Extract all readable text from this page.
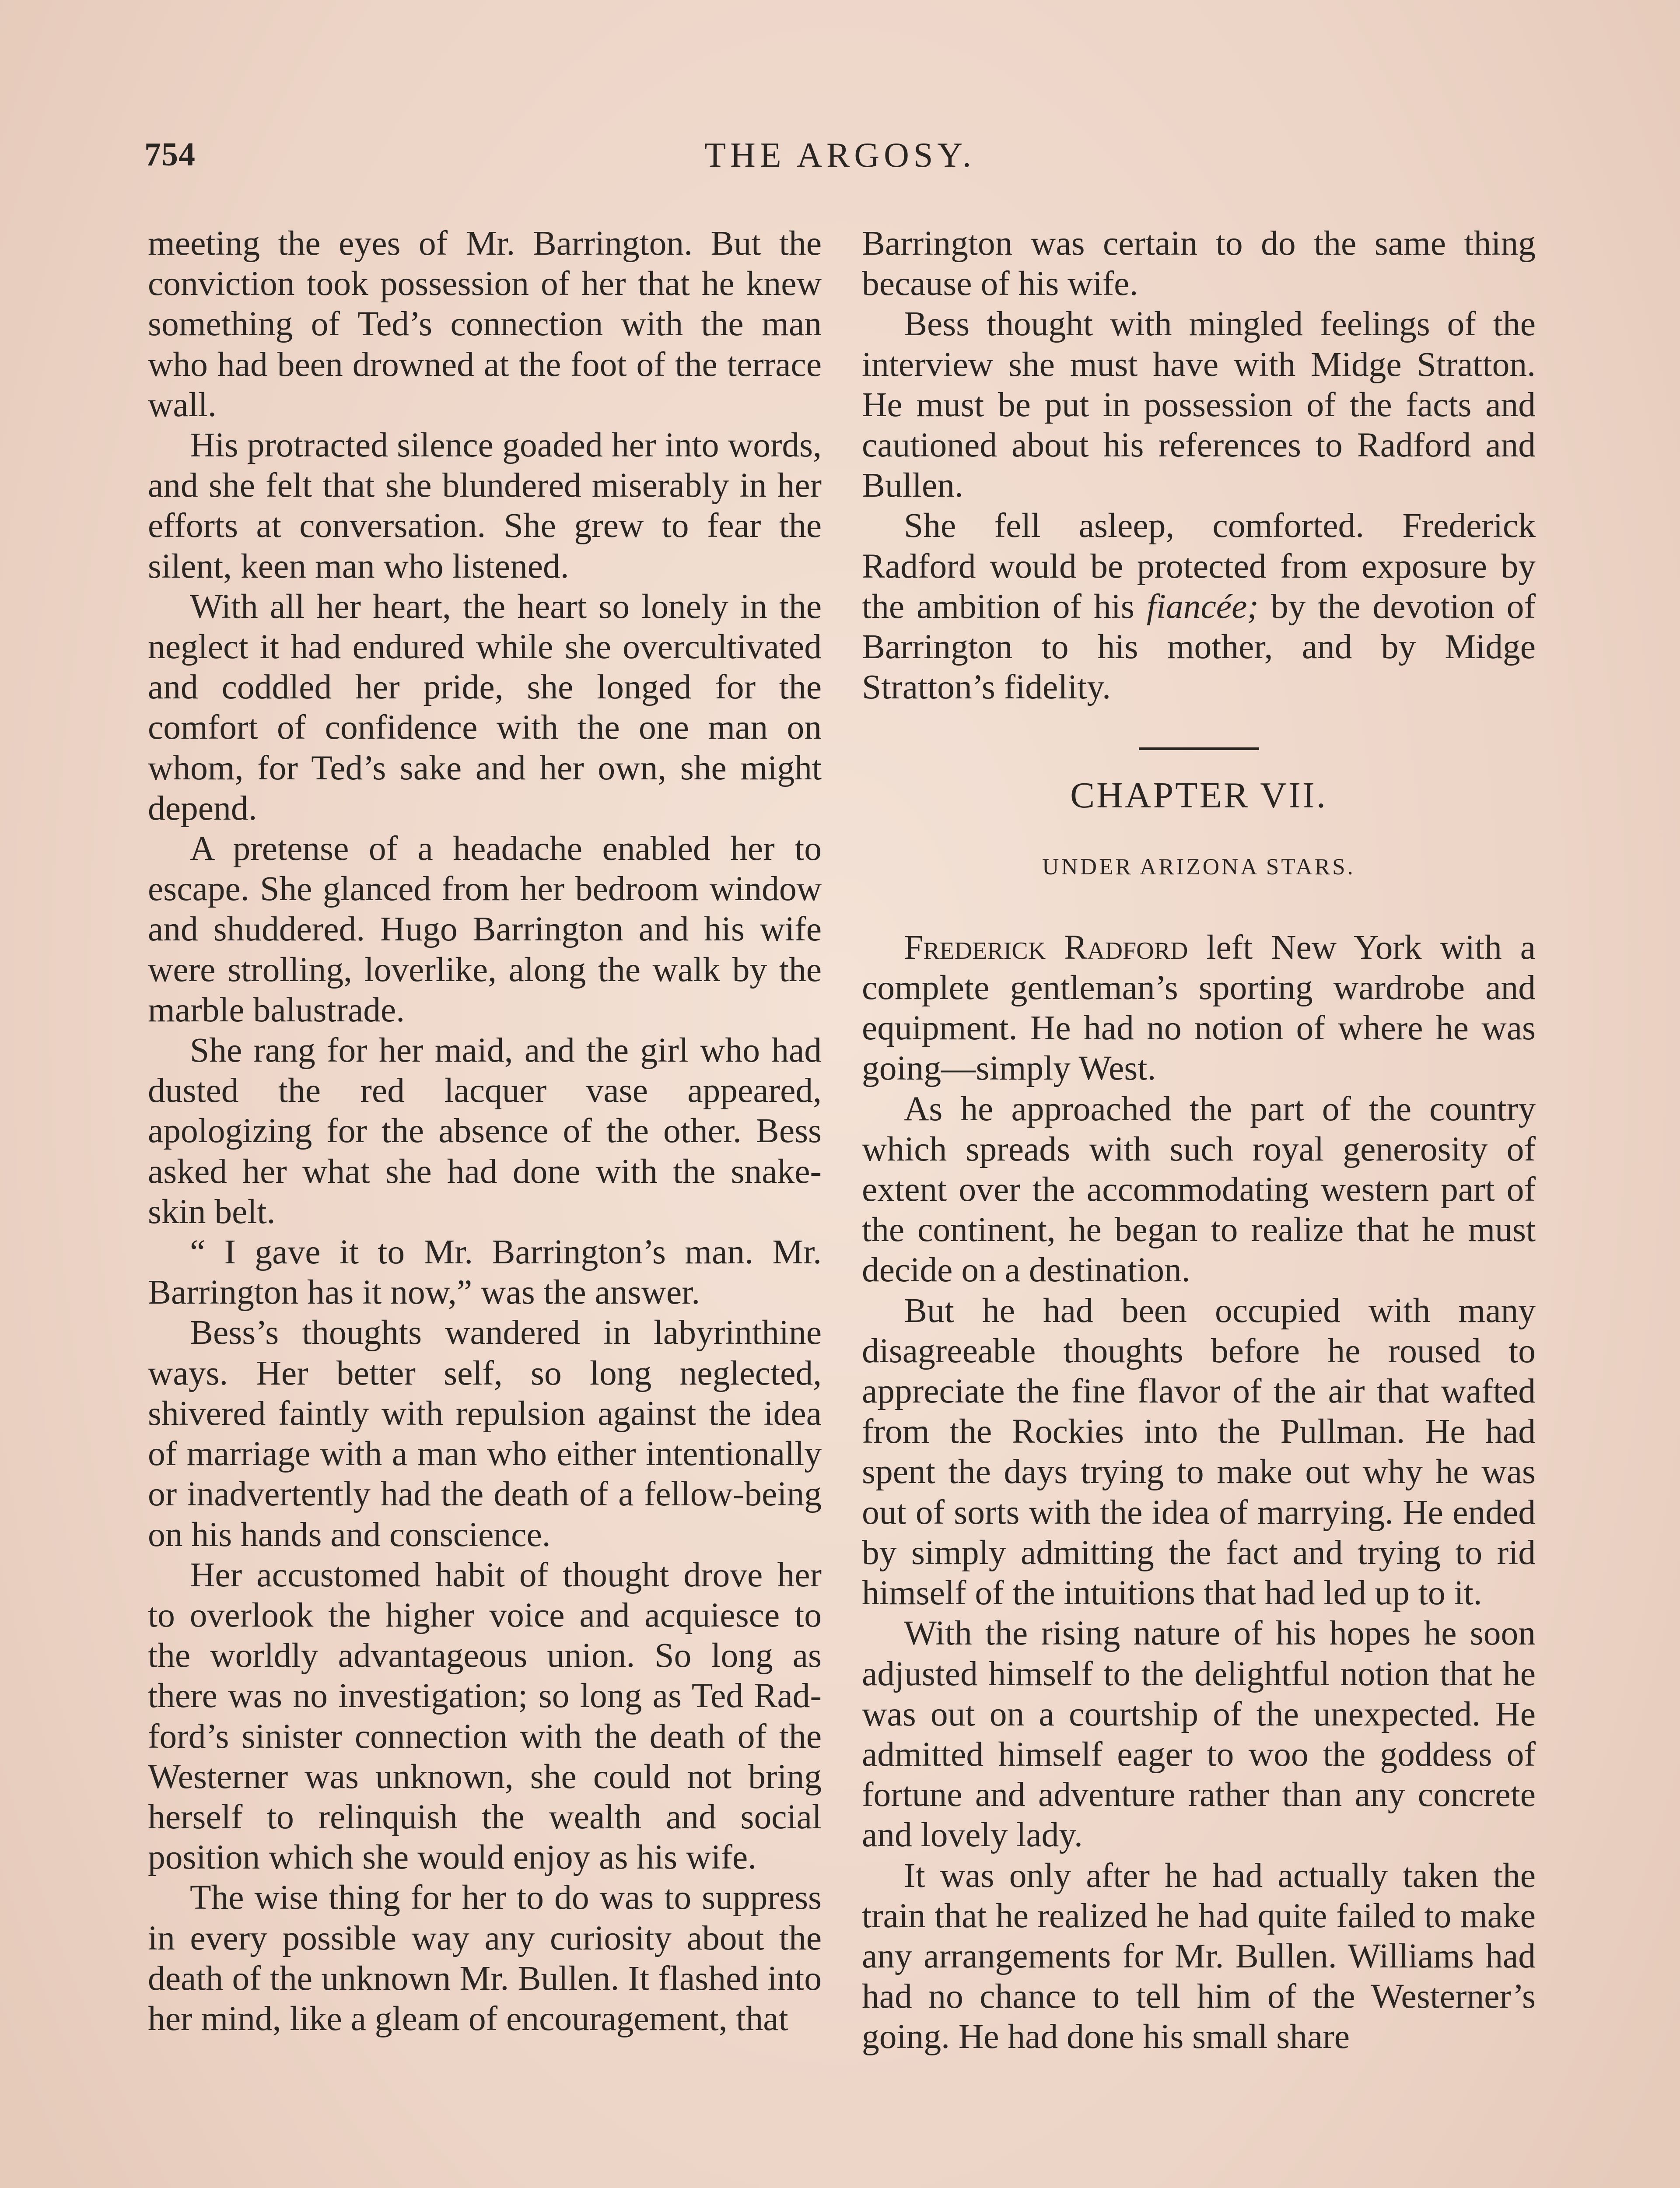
754	THE ARGOSY.

meeting the eyes of Mr. Barrington. But the conviction took possession of her that he knew something of Ted’s connection with the man who had been drowned at the foot of the terrace wall.

His protracted silence goaded her into words, and she felt that she blundered miserably in her efforts at conversation. She grew to fear the silent, keen man who listened.

With all her heart, the heart so lonely in the neglect it had endured while she overcultivated and coddled her pride, she longed for the comfort of confidence with the one man on whom, for Ted’s sake and her own, she might depend.

A pretense of a headache enabled her to escape. She glanced from her bedroom window and shuddered. Hugo Barrington and his wife were strolling, loverlike, along the walk by the marble balustrade.

She rang for her maid, and the girl who had dusted the red lacquer vase appeared, apologizing for the absence of the other. Bess asked her what she had done with the snake-skin belt.

“ I gave it to Mr. Barrington’s man. Mr. Barrington has it now,” was the answer.

Bess’s thoughts wandered in labyrinthine ways. Her better self, so long neglected, shivered faintly with repulsion against the idea of marriage with a man who either intentionally or inadvertently had the death of a fellow-being on his hands and conscience.

Her accustomed habit of thought drove her to overlook the higher voice and acquiesce to the worldly advantageous union. So long as there was no investigation; so long as Ted Radford’s sinister connection with the death of the Westerner was unknown, she could not bring herself to relinquish the wealth and social position which she would enjoy as his wife.

The wise thing for her to do was to suppress in every possible way any curiosity about the death of the unknown Mr. Bullen. It flashed into her mind, like a gleam of encouragement, that

Barrington was certain to do the same thing because of his wife.

Bess thought with mingled feelings of the interview she must have with Midge Stratton. He must be put in possession of the facts and cautioned about his references to Radford and Bullen.

She fell asleep, comforted. Frederick Radford would be protected from exposure by the ambition of his fiancée; by the devotion of Barrington to his mother, and by Midge Stratton’s fidelity.

CHAPTER VII.
UNDER ARIZONA STARS.

Frederick Radford left New York with a complete gentleman’s sporting wardrobe and equipment. He had no notion of where he was going—simply West.

As he approached the part of the country which spreads with such royal generosity of extent over the accommodating western part of the continent, he began to realize that he must decide on a destination.

But he had been occupied with many disagreeable thoughts before he roused to appreciate the fine flavor of the air that wafted from the Rockies into the Pullman. He had spent the days trying to make out why he was out of sorts with the idea of marrying. He ended by simply admitting the fact and trying to rid himself of the intuitions that had led up to it.

With the rising nature of his hopes he soon adjusted himself to the delightful notion that he was out on a courtship of the unexpected. He admitted himself eager to woo the goddess of fortune and adventure rather than any concrete and lovely lady.

It was only after he had actually taken the train that he realized he had quite failed to make any arrangements for Mr. Bullen. Williams had had no chance to tell him of the Westerner’s going. He had done his small share
